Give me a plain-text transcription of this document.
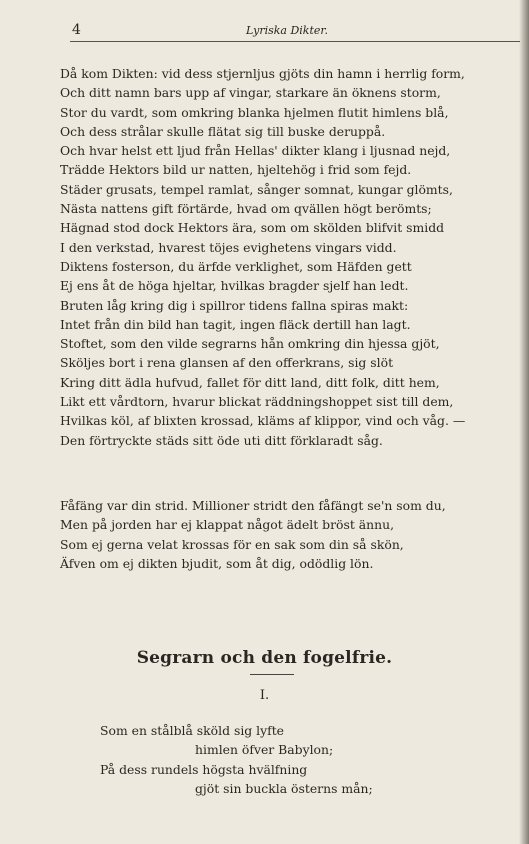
4	Lyriska Dikter.
Då kom Dikten: vid dess stjernljus gjöts din hamn i herrlig form,
Och ditt namn bars upp af vingar, starkare än öknens storm,
Stor du vardt, som omkring blanka hjelmen flutit himlens blå,
Och dess strålar skulle flätat sig till buske deruppå.
Och hvar helst ett ljud från Hellas' dikter klang i ljusnad nejd,
Trädde Hektors bild ur natten, hjeltehög i frid som fejd.
Städer grusats, tempel ramlat, sånger somnat, kungar glömts,
Nästa nattens gift förtärde, hvad om qvällen högt berömts;
Hägnad stod dock Hektors ära, som om skölden blifvit smidd
I den verkstad, hvarest töjes evighetens vingars vidd.
Diktens fosterson, du ärfde verklighet, som Häfden gett
Ej ens åt de höga hjeltar, hvilkas bragder sjelf han ledt.
Bruten låg kring dig i spillror tidens fallna spiras makt:
Intet från din bild han tagit, ingen fläck dertill han lagt.
Stoftet, som den vilde segrarns hån omkring din hjessa gjöt,
Sköljes bort i rena glansen af den offerkrans, sig slöt
Kring ditt ädla hufvud, fallet för ditt land, ditt folk, ditt hem,
Likt ett vårdtorn, hvarur blickat räddningshoppet sist till dem,
Hvilkas köl, af blixten krossad, kläms af klippor, vind och våg. —
Den förtryckte städs sitt öde uti ditt förklaradt såg.
Fåfäng var din strid. Millioner stridt den fåfängt se'n som du,
Men på jorden har ej klappat något ädelt bröst ännu,
Som ej gerna velat krossas för en sak som din så skön,
Äfven om ej dikten bjudit, som åt dig, odödlig lön.
Segrarn och den fogelfrie.
I.
Som en stålblå sköld sig lyfte
himlen öfver Babylon;
På dess rundels högsta hvälfning
gjöt sin buckla österns mån;
